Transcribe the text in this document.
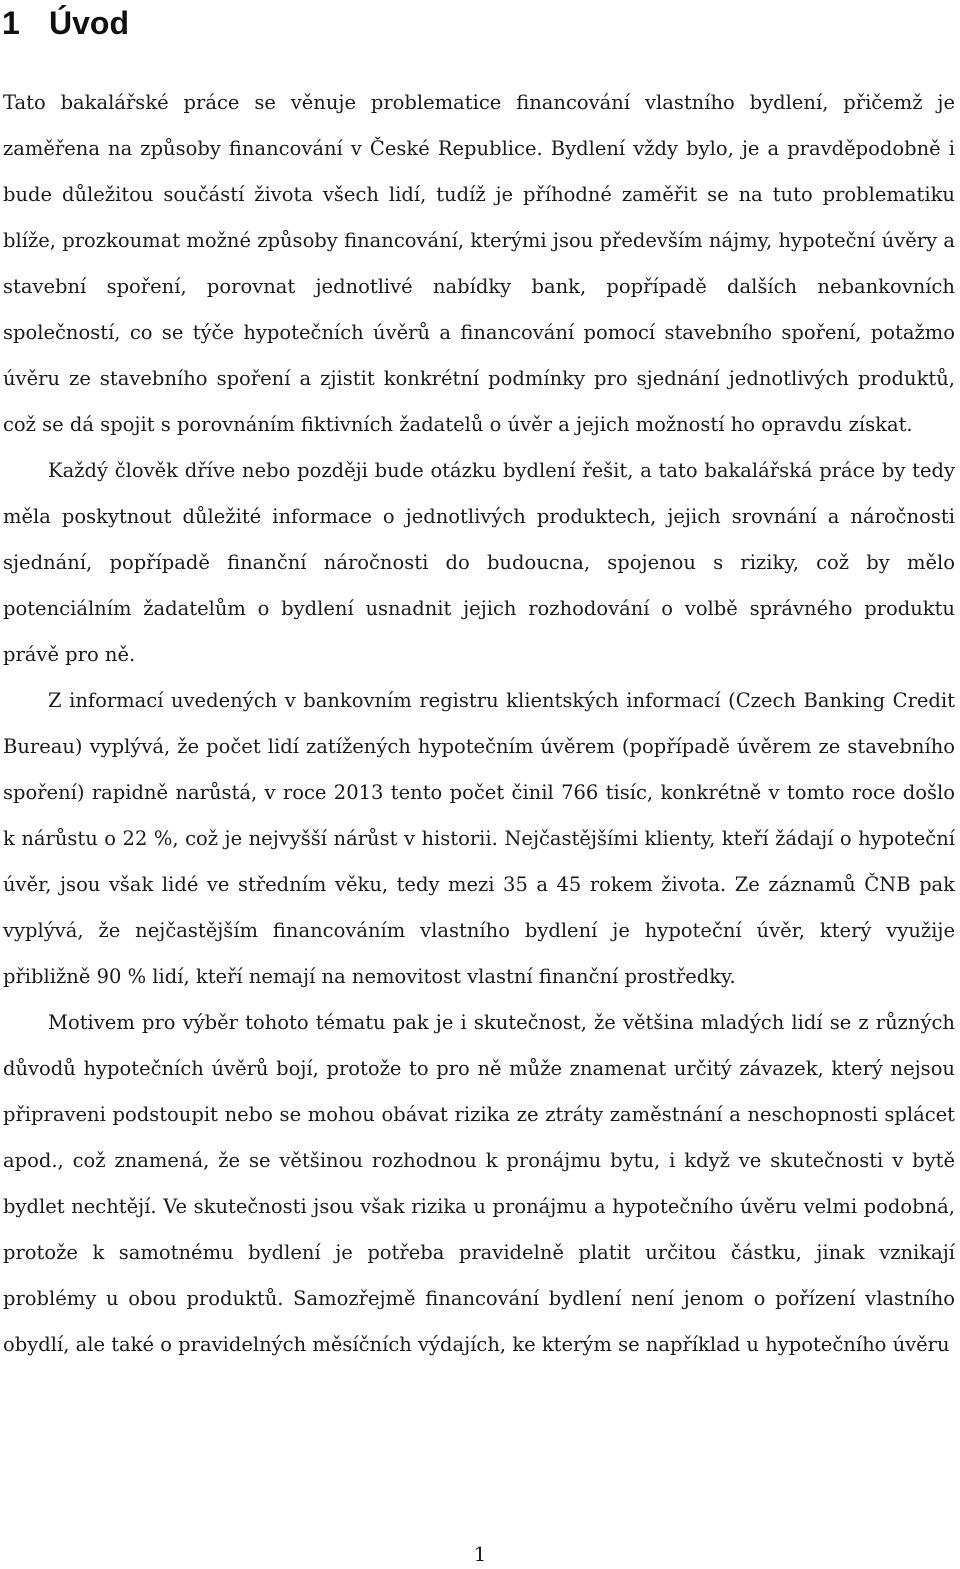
1 Úvod

Tato bakalářské práce se věnuje problematice financování vlastního bydlení, přičemž je zaměřena na způsoby financování v České Republice. Bydlení vždy bylo, je a pravděpodobně i bude důležitou součástí života všech lidí, tudíž je příhodné zaměřit se na tuto problematiku blíže, prozkoumat možné způsoby financování, kterými jsou především nájmy, hypoteční úvěry a stavební spoření, porovnat jednotlivé nabídky bank, popřípadě dalších nebankovních společností, co se týče hypotečních úvěrů a financování pomocí stavebního spoření, potažmo úvěru ze stavebního spoření a zjistit konkrétní podmínky pro sjednání jednotlivých produktů, což se dá spojit s porovnáním fiktivních žadatelů o úvěr a jejich možností ho opravdu získat.

Každý člověk dříve nebo později bude otázku bydlení řešit, a tato bakalářská práce by tedy měla poskytnout důležité informace o jednotlivých produktech, jejich srovnání a náročnosti sjednání, popřípadě finanční náročnosti do budoucna, spojenou s riziky, což by mělo potenciálním žadatelům o bydlení usnadnit jejich rozhodování o volbě správného produktu právě pro ně.

Z informací uvedených v bankovním registru klientských informací (Czech Banking Credit Bureau) vyplývá, že počet lidí zatížených hypotečním úvěrem (popřípadě úvěrem ze stavebního spoření) rapidně narůstá, v roce 2013 tento počet činil 766 tisíc, konkrétně v tomto roce došlo k nárůstu o 22 %, což je nejvyšší nárůst v historii. Nejčastějšími klienty, kteří žádají o hypoteční úvěr, jsou však lidé ve středním věku, tedy mezi 35 a 45 rokem života. Ze záznamů ČNB pak vyplývá, že nejčastějším financováním vlastního bydlení je hypoteční úvěr, který využije přibližně 90 % lidí, kteří nemají na nemovitost vlastní finanční prostředky.

Motivem pro výběr tohoto tématu pak je i skutečnost, že většina mladých lidí se z různých důvodů hypotečních úvěrů bojí, protože to pro ně může znamenat určitý závazek, který nejsou připraveni podstoupit nebo se mohou obávat rizika ze ztráty zaměstnání a neschopnosti splácet apod., což znamená, že se většinou rozhodnou k pronájmu bytu, i když ve skutečnosti v bytě bydlet nechtějí. Ve skutečnosti jsou však rizika u pronájmu a hypotečního úvěru velmi podobná, protože k samotnému bydlení je potřeba pravidelně platit určitou částku, jinak vznikají problémy u obou produktů. Samozřejmě financování bydlení není jenom o pořízení vlastního obydlí, ale také o pravidelných měsíčních výdajích, ke kterým se například u hypotečního úvěru

1
